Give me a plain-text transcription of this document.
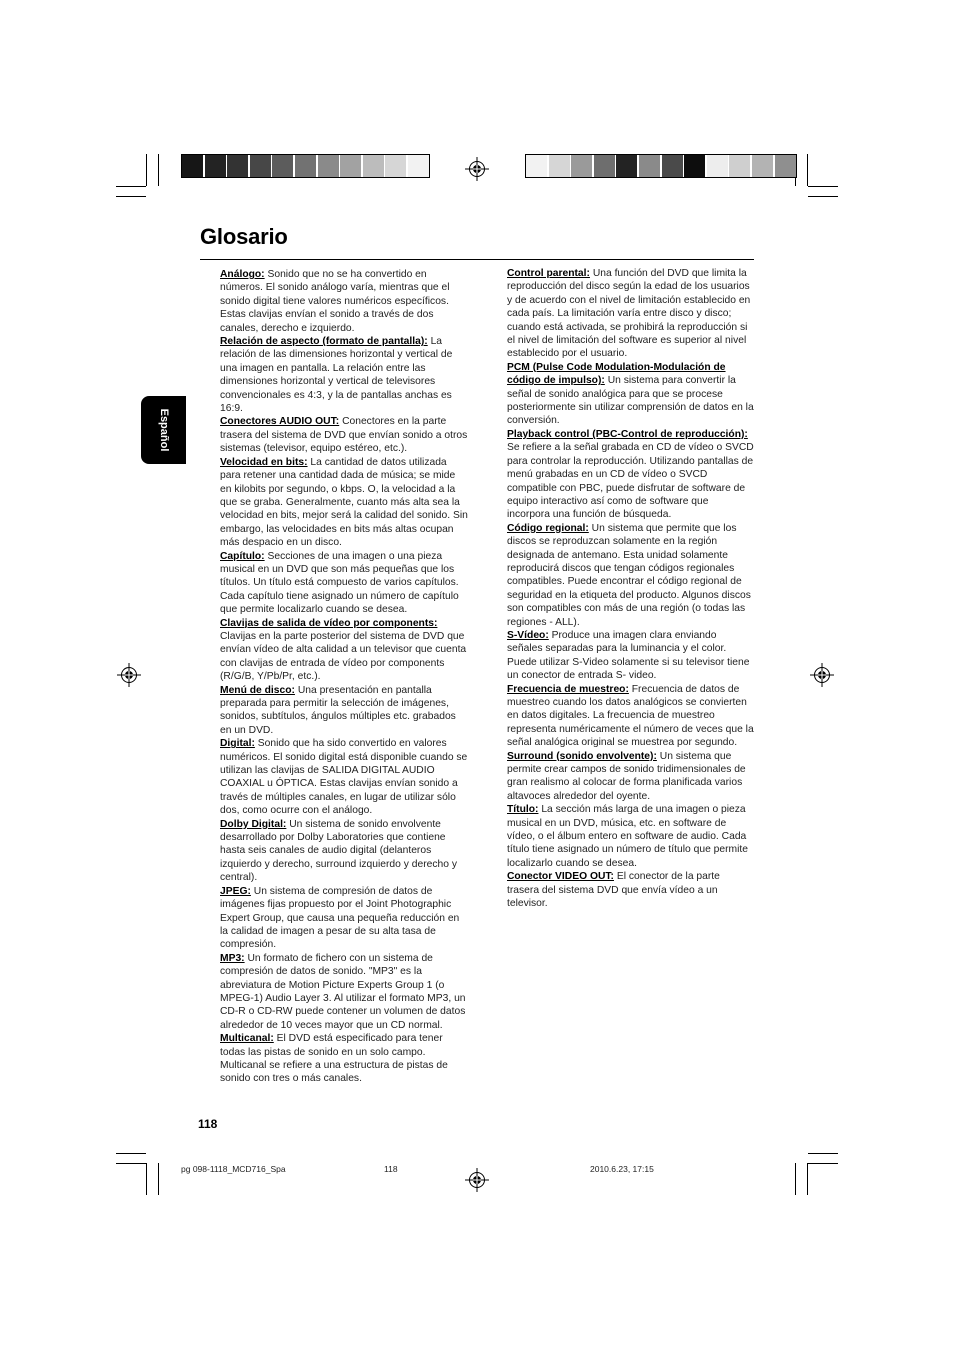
Glosario
Español

Análogo: Sonido que no se ha convertido en números. El sonido análogo varía, mientras que el sonido digital tiene valores numéricos específicos. Estas clavijas envían el sonido a través de dos canales, derecho e izquierdo.

Relación de aspecto (formato de pantalla): La relación de las dimensiones horizontal y vertical de una imagen en pantalla. La relación entre las dimensiones horizontal y vertical de televisores convencionales es 4:3, y la de pantallas anchas es 16:9.

Conectores AUDIO OUT: Conectores en la parte trasera del sistema de DVD que envían sonido a otros sistemas (televisor, equipo estéreo, etc.).

Velocidad en bits: La cantidad de datos utilizada para retener una cantidad dada de música; se mide en kilobits por segundo, o kbps. O, la velocidad a la que se graba. Generalmente, cuanto más alta sea la velocidad en bits, mejor será la calidad del sonido. Sin embargo, las velocidades en bits más altas ocupan más despacio en un disco.

Capítulo: Secciones de una imagen o una pieza musical en un DVD que son más pequeñas que los títulos. Un título está compuesto de varios capítulos. Cada capítulo tiene asignado un número de capítulo que permite localizarlo cuando se desea.

Clavijas de salida de vídeo por components: Clavijas en la parte posterior del sistema de DVD que envían vídeo de alta calidad a un televisor que cuenta con clavijas de entrada de vídeo por components (R/G/B, Y/Pb/Pr, etc.).

Menú de disco: Una presentación en pantalla preparada para permitir la selección de imágenes, sonidos, subtítulos, ángulos múltiples etc. grabados en un DVD.

Digital: Sonido que ha sido convertido en valores numéricos. El sonido digital está disponible cuando se utilizan las clavijas de SALIDA DIGITAL AUDIO COAXIAL u ÓPTICA. Estas clavijas envían sonido a través de múltiples canales, en lugar de utilizar sólo dos, como ocurre con el análogo.

Dolby Digital: Un sistema de sonido envolvente desarrollado por Dolby Laboratories que contiene hasta seis canales de audio digital (delanteros izquierdo y derecho, surround izquierdo y derecho y central).

JPEG: Un sistema de compresión de datos de imágenes fijas propuesto por el Joint Photographic Expert Group, que causa una pequeña reducción en la calidad de imagen a pesar de su alta tasa de compresión.

MP3: Un formato de fichero con un sistema de compresión de datos de sonido. "MP3" es la abreviatura de Motion Picture Experts Group 1 (o MPEG-1) Audio Layer 3. Al utilizar el formato MP3, un CD-R o CD-RW puede contener un volumen de datos alrededor de 10 veces mayor que un CD normal.

Multicanal: El DVD está especificado para tener todas las pistas de sonido en un solo campo. Multicanal se refiere a una estructura de pistas de sonido con tres o más canales.

Control parental: Una función del DVD que limita la reproducción del disco según la edad de los usuarios y de acuerdo con el nivel de limitación establecido en cada país. La limitación varía entre disco y disco; cuando está activada, se prohibirá la reproducción si el nivel de limitación del software es superior al nivel establecido por el usuario.

PCM (Pulse Code Modulation-Modulación de código de impulso): Un sistema para convertir la señal de sonido analógica para que se procese posteriormente sin utilizar comprensión de datos en la conversión.

Playback control (PBC-Control de reproducción): Se refiere a la señal grabada en CD de vídeo o SVCD para controlar la reproducción. Utilizando pantallas de menú grabadas en un CD de vídeo o SVCD compatible con PBC, puede disfrutar de software de equipo interactivo así como de software que incorpora una función de búsqueda.

Código regional: Un sistema que permite que los discos se reproduzcan solamente en la región designada de antemano. Esta unidad solamente reproducirá discos que tengan códigos regionales compatibles. Puede encontrar el código regional de seguridad en la etiqueta del producto. Algunos discos son compatibles con más de una región (o todas las regiones - ALL).

S-Vídeo: Produce una imagen clara enviando señales separadas para la luminancia y el color. Puede utilizar S-Video solamente si su televisor tiene un conector de entrada S- video.

Frecuencia de muestreo: Frecuencia de datos de muestreo cuando los datos analógicos se convierten en datos digitales. La frecuencia de muestreo representa numéricamente el número de veces que la señal analógica original se muestrea por segundo.

Surround (sonido envolvente): Un sistema que permite crear campos de sonido tridimensionales de gran realismo al colocar de forma planificada varios altavoces alrededor del oyente.

Título: La sección más larga de una imagen o pieza musical en un DVD, música, etc. en software de vídeo, o el álbum entero en software de audio. Cada título tiene asignado un número de título que permite localizarlo cuando se desea.

Conector VIDEO OUT: El conector de la parte trasera del sistema DVD que envía vídeo a un televisor.

118
pg 098-1118_MCD716_Spa	118	2010.6.23, 17:15
